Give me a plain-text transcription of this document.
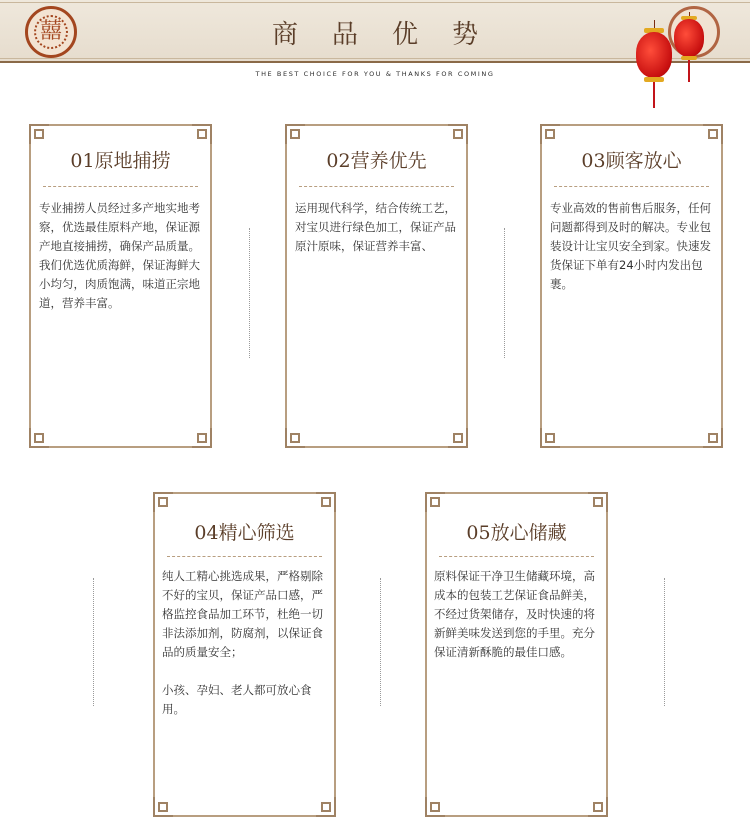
囍
商品优势
THE BEST CHOICE FOR YOU & THANKS FOR COMING
01原地捕捞
专业捕捞人员经过多产地实地考察，优选最佳原料产地，保证源产地直接捕捞，确保产品质量。我们优选优质海鲜，保证海鲜大小均匀，肉质饱满，味道正宗地道，营养丰富。
02营养优先
运用现代科学，结合传统工艺，对宝贝进行绿色加工，保证产品原汁原味，保证营养丰富、
03顾客放心
专业高效的售前售后服务，任何问题都得到及时的解决。专业包装设计让宝贝安全到家。快速发货保证下单有24小时内发出包裹。
04精心筛选
纯人工精心挑选成果，严格剔除不好的宝贝，保证产品口感，严格监控食品加工环节，杜绝一切非法添加剂，防腐剂，以保证食品的质量安全；
小孩、孕妇、老人都可放心食用。
05放心储藏
原料保证干净卫生储藏环境，高成本的包装工艺保证食品鲜美，不经过货架储存，及时快速的将新鲜美味发送到您的手里。充分保证清新酥脆的最佳口感。
